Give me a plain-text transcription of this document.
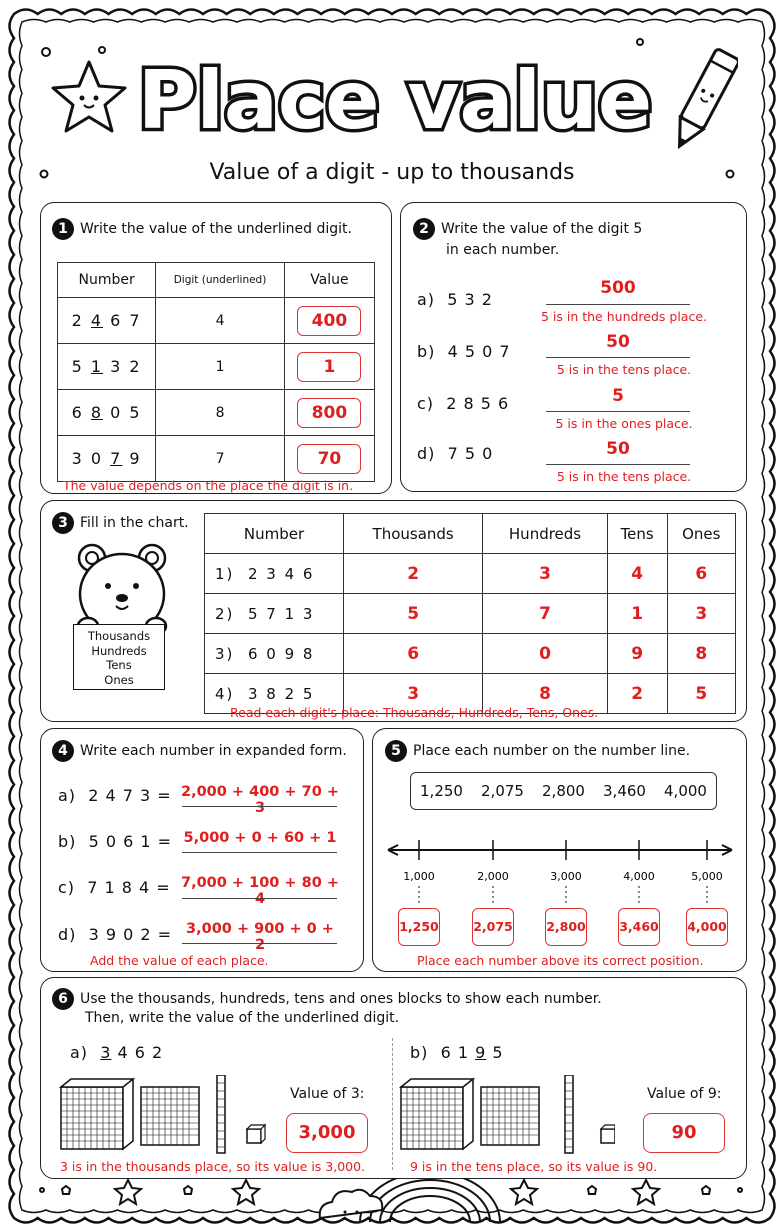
Place value
Value of a digit - up to thousands
1 Write the value of the underlined digit.
Number	Digit (underlined)	Value
2 4 6 7	4	400
5 1 3 2	1	1
6 8 0 5	8	800
3 0 7 9	7	70
The value depends on the place the digit is in.
2 Write the value of the digit 5
in each number.
a) 5 3 2
500
5 is in the hundreds place.
b) 4 5 0 7	50
5 is in the tens place.
c) 2 8 5 6	5
5 is in the ones place.
d) 7 5 0	50
5 is in the tens place.
3 Fill in the chart.
Thousands
Hundreds
Tens
Ones
Number	Thousands	Hundreds	Tens	Ones
1) 2 3 4 6	2	3	4	6
2) 5 7 1 3	5	7	1	3
3) 6 0 9 8	6	0	9	8
4) 3 8 2 5	3	8	2	5
Read each digit's place: Thousands, Hundreds, Tens, Ones.
4 Write each number in expanded form.
a) 2 4 7 3 = 2,000 + 400 + 70 + 3
b) 5 0 6 1 = 5,000 + 0 + 60 + 1
c) 7 1 8 4 = 7,000 + 100 + 80 + 4
d) 3 9 0 2 = 3,000 + 900 + 0 + 2
Add the value of each place.
5 Place each number on the number line.
1,250 2,075 2,800 3,460 4,000
1,000	2,000	3,000	4,000	5,000
1,250	2,075	2,800	3,460 4,000
Place each number above its correct position.
6 Use the thousands, hundreds, tens and ones blocks to show each number.
Then, write the value of the underlined digit.
a) 3 4 6 2	b) 6 1 9 5
Value of 3:
3,000
3 is in the thousands place, so its value is 3,000.
Value of 9:
90
9 is in the tens place, so its value is 90.
